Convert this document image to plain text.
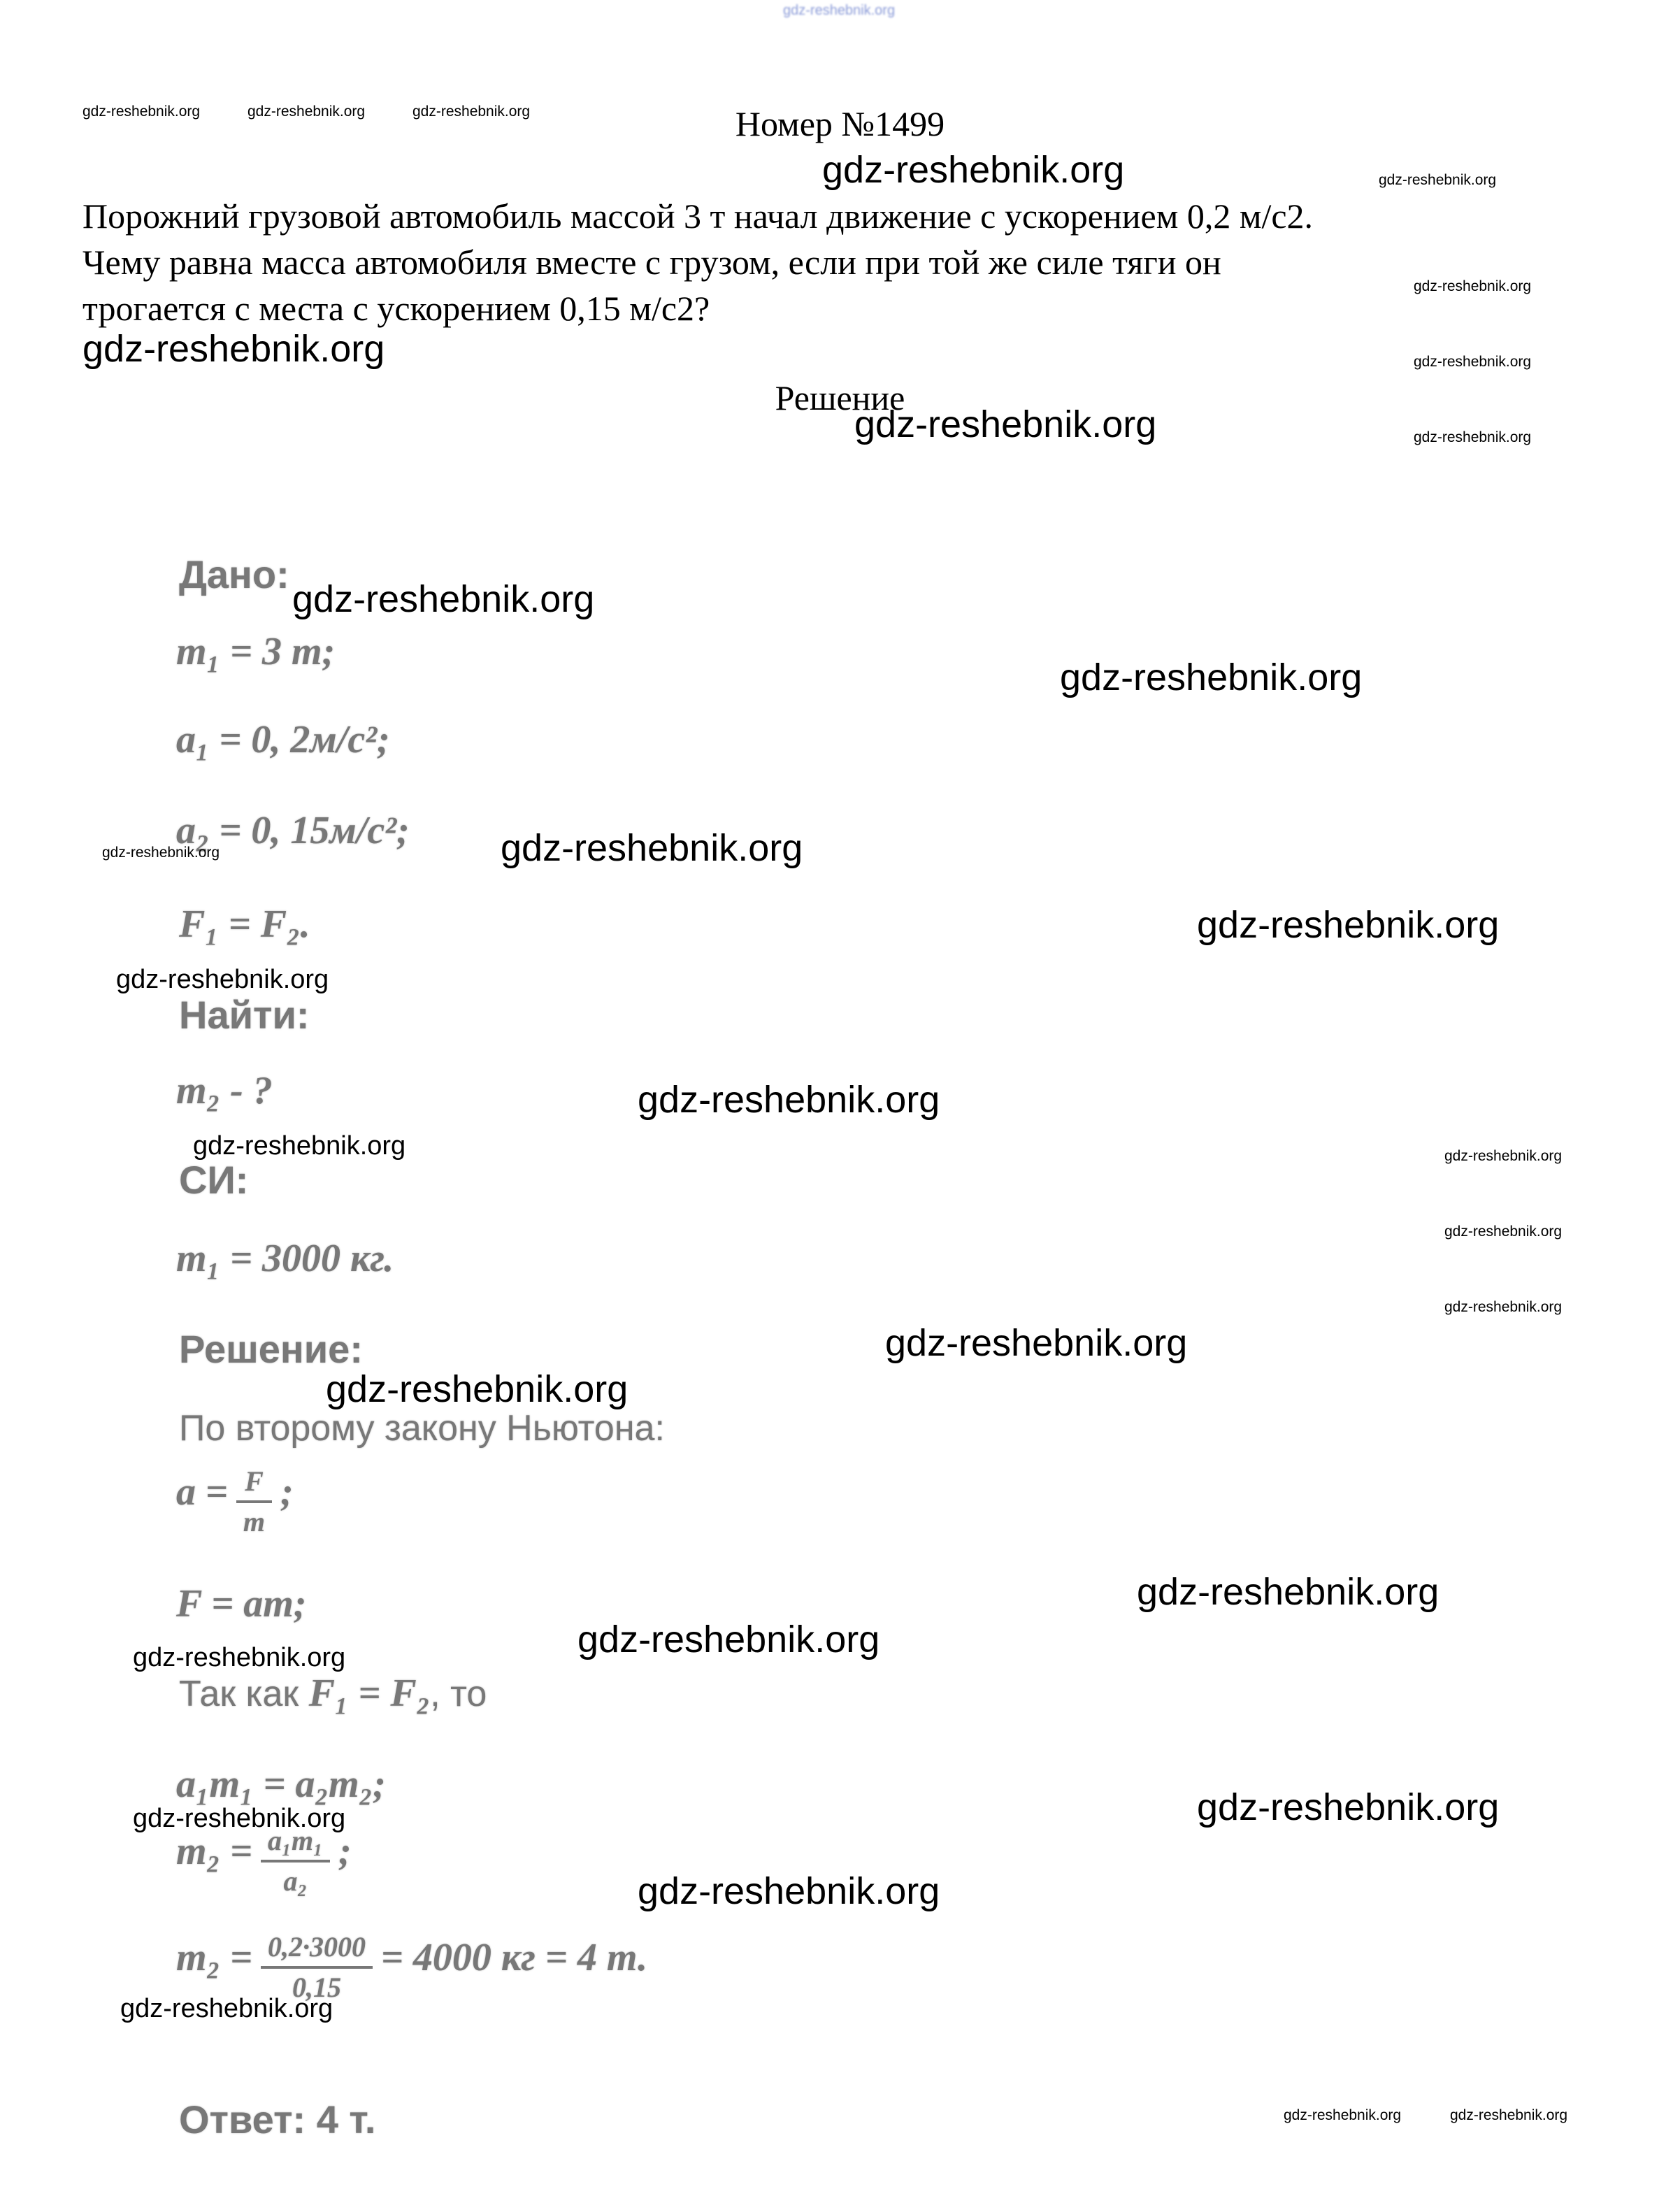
Номер №1499
Порожний грузовой автомобиль массой 3 т начал движение с ускорением 0,2 м/с2.
Чему равна масса автомобиля вместе с грузом, если при той же силе тяги он
трогается с места с ускорением 0,15 м/с2?
Решение
gdz-reshebnik.org
gdz-reshebnik.org	gdz-reshebnik.org	gdz-reshebnik.org
gdz-reshebnik.org	gdz-reshebnik.org
gdz-reshebnik.org
gdz-reshebnik.org	gdz-reshebnik.org
gdz-reshebnik.org	gdz-reshebnik.org
gdz-reshebnik.org
gdz-reshebnik.org
gdz-reshebnik.org
gdz-reshebnik.org
gdz-reshebnik.org
gdz-reshebnik.org
gdz-reshebnik.org
gdz-reshebnik.org	gdz-reshebnik.org
gdz-reshebnik.org
gdz-reshebnik.org
gdz-reshebnik.org
gdz-reshebnik.org
gdz-reshebnik.org
gdz-reshebnik.org
gdz-reshebnik.org
gdz-reshebnik.org
gdz-reshebnik.org
gdz-reshebnik.org
gdz-reshebnik.org
gdz-reshebnik.org	gdz-reshebnik.org
Дано:
m₁ = 3 т;
a₁ = 0, 2м/с²;
a₂ = 0, 15м/с²;
F₁ = F₂.
Найти:
m₂ - ?
СИ:
m₁ = 3000 кг.
Решение:
По второму закону Ньютона:
$a = \frac{F}{m}$ ;
F = am;
Так как F₁ = F₂, то
a₁m₁ = a₂m₂;
$m_2 = \frac{\text{a₁m₁}}{\text{a₂}}$ ;
$m_2 = \frac{0,2\cdot 3000}{0,15} = 4000$ кг = 4 т.
Ответ: 4 т.
